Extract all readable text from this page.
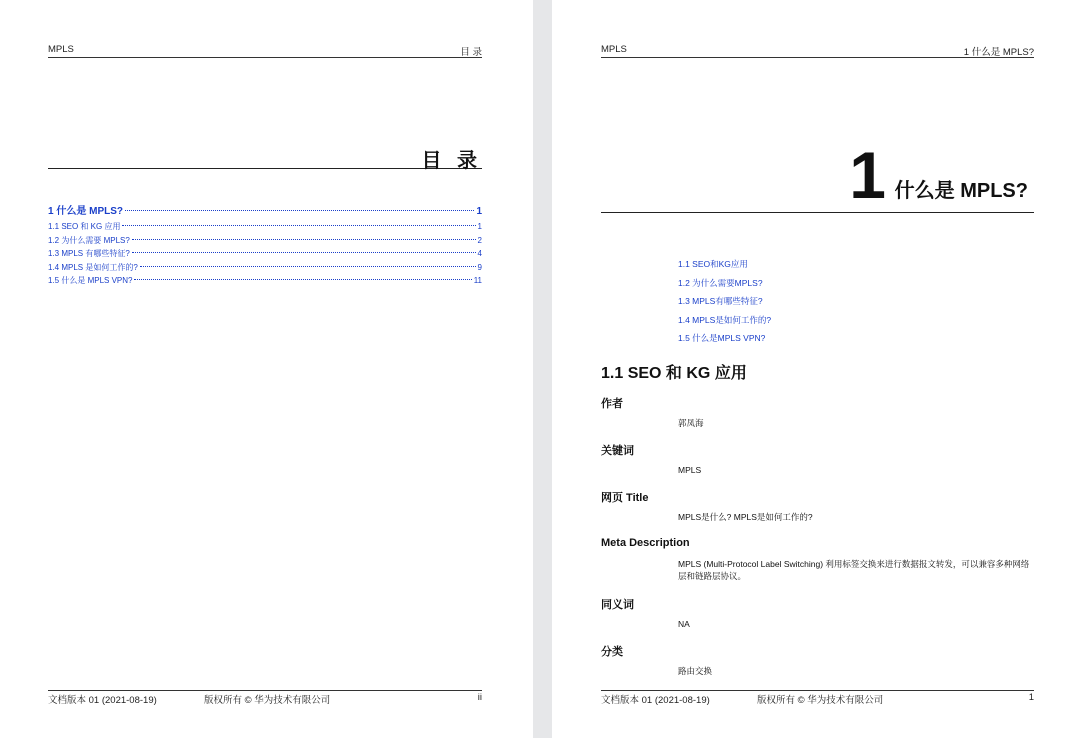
MPLS	目 录
目 录
1 什么是 MPLS?	1
1.1 SEO 和 KG 应用	1
1.2 为什么需要 MPLS?	2
1.3 MPLS 有哪些特征?	4
1.4 MPLS 是如何工作的?	9
1.5 什么是 MPLS VPN?	11
文档版本 01 (2021-08-19)	版权所有 © 华为技术有限公司	ii
MPLS	1 什么是 MPLS?
1 什么是 MPLS?
1.1 SEO和KG应用
1.2 为什么需要MPLS?
1.3 MPLS有哪些特征?
1.4 MPLS是如何工作的?
1.5 什么是MPLS VPN?
1.1 SEO 和 KG 应用
作者
郭凤海
关键词
MPLS
网页 Title
MPLS是什么? MPLS是如何工作的?
Meta Description
MPLS (Multi-Protocol Label Switching) 利用标签交换来进行数据报文转发，可以兼容多种网络层和链路层协议。
同义词
NA
分类
路由交换
文档版本 01 (2021-08-19)	版权所有 © 华为技术有限公司	1
